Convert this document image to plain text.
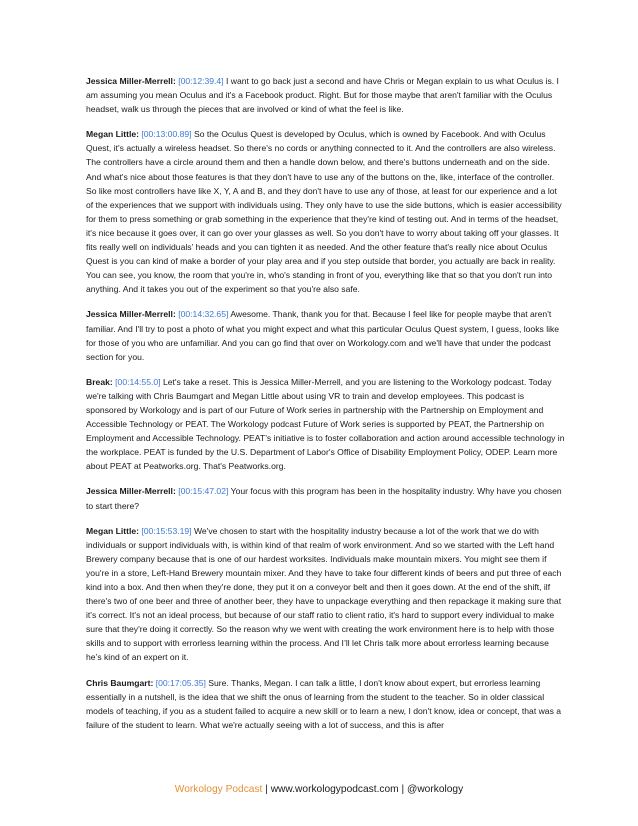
Jessica Miller-Merrell: [00:12:39.4] I want to go back just a second and have Chris or Megan explain to us what Oculus is. I am assuming you mean Oculus and it's a Facebook product. Right. But for those maybe that aren't familiar with the Oculus headset, walk us through the pieces that are involved or kind of what the feel is like.

Megan Little: [00:13:00.89] So the Oculus Quest is developed by Oculus, which is owned by Facebook. And with Oculus Quest, it's actually a wireless headset. So there's no cords or anything connected to it. And the controllers are also wireless. The controllers have a circle around them and then a handle down below, and there's buttons underneath and on the side. And what's nice about those features is that they don't have to use any of the buttons on the, like, interface of the controller. So like most controllers have like X, Y, A and B, and they don't have to use any of those, at least for our experience and a lot of the experiences that we support with individuals using. They only have to use the side buttons, which is easier accessibility for them to press something or grab something in the experience that they're kind of testing out. And in terms of the headset, it's nice because it goes over, it can go over your glasses as well. So you don't have to worry about taking off your glasses. It fits really well on individuals’ heads and you can tighten it as needed. And the other feature that's really nice about Oculus Quest is you can kind of make a border of your play area and if you step outside that border, you actually are back in reality. You can see, you know, the room that you're in, who's standing in front of you, everything like that so that you don't run into anything. And it takes you out of the experiment so that you're also safe.

Jessica Miller-Merrell: [00:14:32.65] Awesome. Thank, thank you for that. Because I feel like for people maybe that aren't familiar. And I'll try to post a photo of what you might expect and what this particular Oculus Quest system, I guess, looks like for those of you who are unfamiliar. And you can go find that over on Workology.com and we'll have that under the podcast section for you.

Break: [00:14:55.0] Let's take a reset. This is Jessica Miller-Merrell, and you are listening to the Workology podcast. Today we're talking with Chris Baumgart and Megan Little about using VR to train and develop employees. This podcast is sponsored by Workology and is part of our Future of Work series in partnership with the Partnership on Employment and Accessible Technology or PEAT. The Workology podcast Future of Work series is supported by PEAT, the Partnership on Employment and Accessible Technology. PEAT’s initiative is to foster collaboration and action around accessible technology in the workplace. PEAT is funded by the U.S. Department of Labor's Office of Disability Employment Policy, ODEP. Learn more about PEAT at Peatworks.org. That's Peatworks.org.

Jessica Miller-Merrell: [00:15:47.02] Your focus with this program has been in the hospitality industry. Why have you chosen to start there?

Megan Little: [00:15:53.19] We've chosen to start with the hospitality industry because a lot of the work that we do with individuals or support individuals with, is within kind of that realm of work environment. And so we started with the Left hand Brewery company because that is one of our hardest worksites. Individuals make mountain mixers. You might see them if you're in a store, Left-Hand Brewery mountain mixer. And they have to take four different kinds of beers and put three of each kind into a box. And then when they're done, they put it on a conveyor belt and then it goes down. At the end of the shift, ilf there's two of one beer and three of another beer, they have to unpackage everything and then repackage it making sure that it's correct. It's not an ideal process, but because of our staff ratio to client ratio, it's hard to support every individual to make sure that they're doing it correctly. So the reason why we went with creating the work environment here is to help with those skills and to support with errorless learning within the process. And I’ll let Chris talk more about errorless learning because he’s kind of an expert on it.

Chris Baumgart: [00:17:05.35] Sure. Thanks, Megan. I can talk a little, I don't know about expert, but errorless learning essentially in a nutshell, is the idea that we shift the onus of learning from the student to the teacher. So in older classical models of teaching, if you as a student failed to acquire a new skill or to learn a new, I don't know, idea or concept, that was a failure of the student to learn. What we're actually seeing with a lot of success, and this is after

Workology Podcast | www.workologypodcast.com | @workology
